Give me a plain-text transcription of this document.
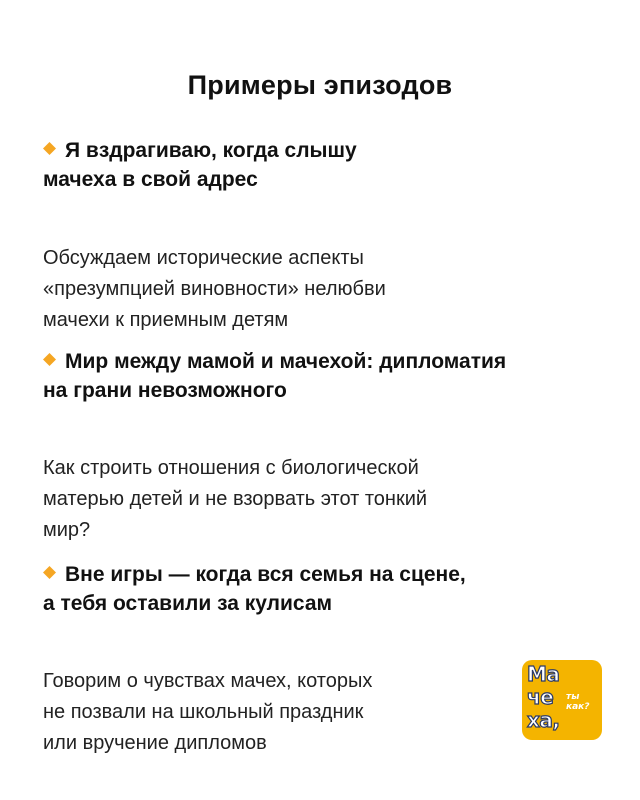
Примеры эпизодов

Я вздрагиваю, когда слышу
мачеха в свой адрес

Обсуждаем исторические аспекты
«презумпцией виновности» нелюбви
мачехи к приемным детям

Мир между мамой и мачехой: дипломатия
на грани невозможного

Как строить отношения с биологической
матерью детей и не взорвать этот тонкий
мир?

Вне игры — когда вся семья на сцене,
а тебя оставили за кулисам

Говорим о чувствах мачех, которых
не позвали на школьный праздник
или вручение дипломов

Ма
че
ха,
ты
как?
